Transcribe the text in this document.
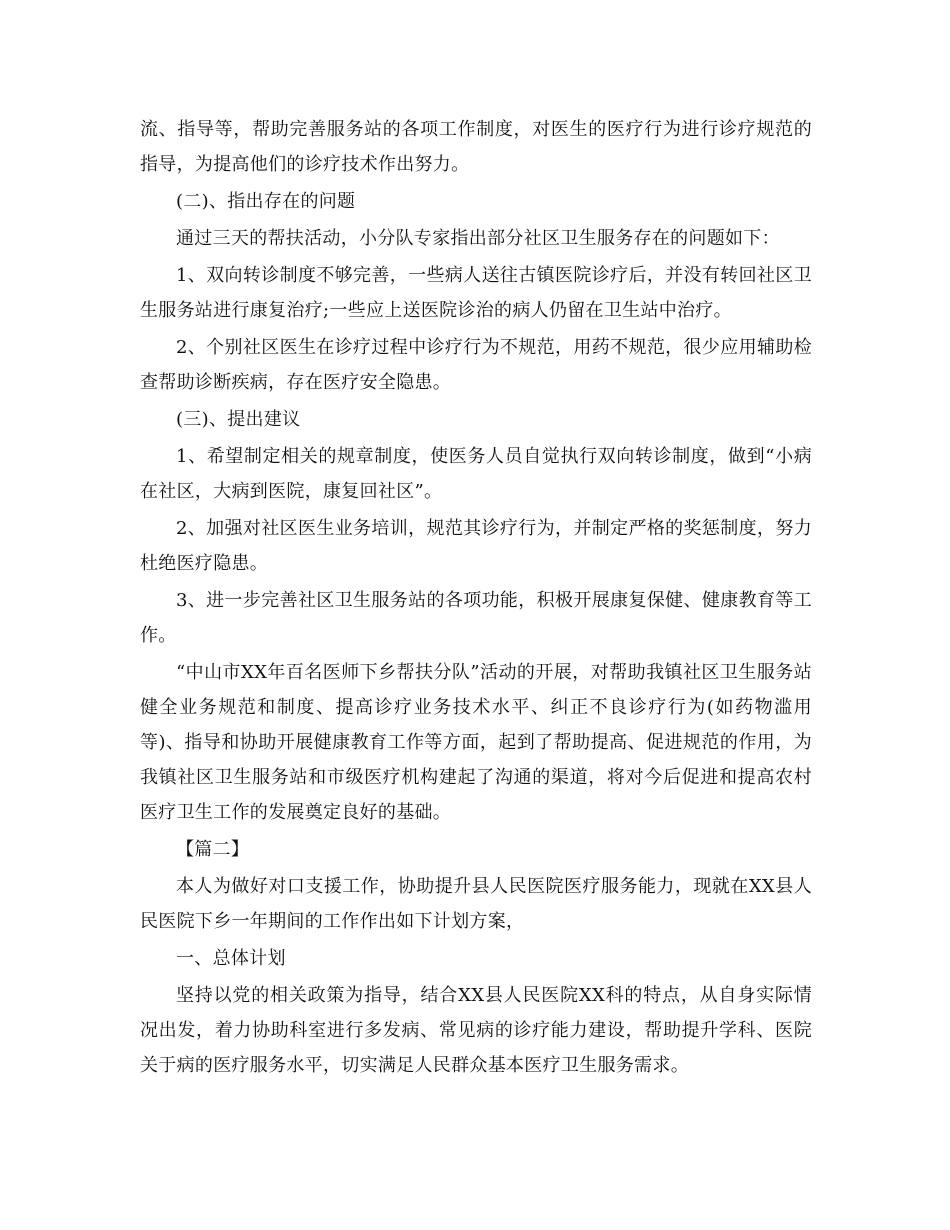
流、指导等，帮助完善服务站的各项工作制度，对医生的医疗行为进行诊疗规范的指导，为提高他们的诊疗技术作出努力。

(二)、指出存在的问题

通过三天的帮扶活动，小分队专家指出部分社区卫生服务存在的问题如下：

1、双向转诊制度不够完善，一些病人送往古镇医院诊疗后，并没有转回社区卫生服务站进行康复治疗;一些应上送医院诊治的病人仍留在卫生站中治疗。

2、个别社区医生在诊疗过程中诊疗行为不规范，用药不规范，很少应用辅助检查帮助诊断疾病，存在医疗安全隐患。

(三)、提出建议

1、希望制定相关的规章制度，使医务人员自觉执行双向转诊制度，做到“小病在社区，大病到医院，康复回社区”。

2、加强对社区医生业务培训，规范其诊疗行为，并制定严格的奖惩制度，努力杜绝医疗隐患。

3、进一步完善社区卫生服务站的各项功能，积极开展康复保健、健康教育等工作。

“中山市XX年百名医师下乡帮扶分队”活动的开展，对帮助我镇社区卫生服务站健全业务规范和制度、提高诊疗业务技术水平、纠正不良诊疗行为(如药物滥用等)、指导和协助开展健康教育工作等方面，起到了帮助提高、促进规范的作用，为我镇社区卫生服务站和市级医疗机构建起了沟通的渠道，将对今后促进和提高农村医疗卫生工作的发展奠定良好的基础。

【篇二】

本人为做好对口支援工作，协助提升县人民医院医疗服务能力，现就在XX县人民医院下乡一年期间的工作作出如下计划方案，

一、总体计划

坚持以党的相关政策为指导，结合XX县人民医院XX科的特点，从自身实际情况出发，着力协助科室进行多发病、常见病的诊疗能力建设，帮助提升学科、医院关于病的医疗服务水平，切实满足人民群众基本医疗卫生服务需求。
